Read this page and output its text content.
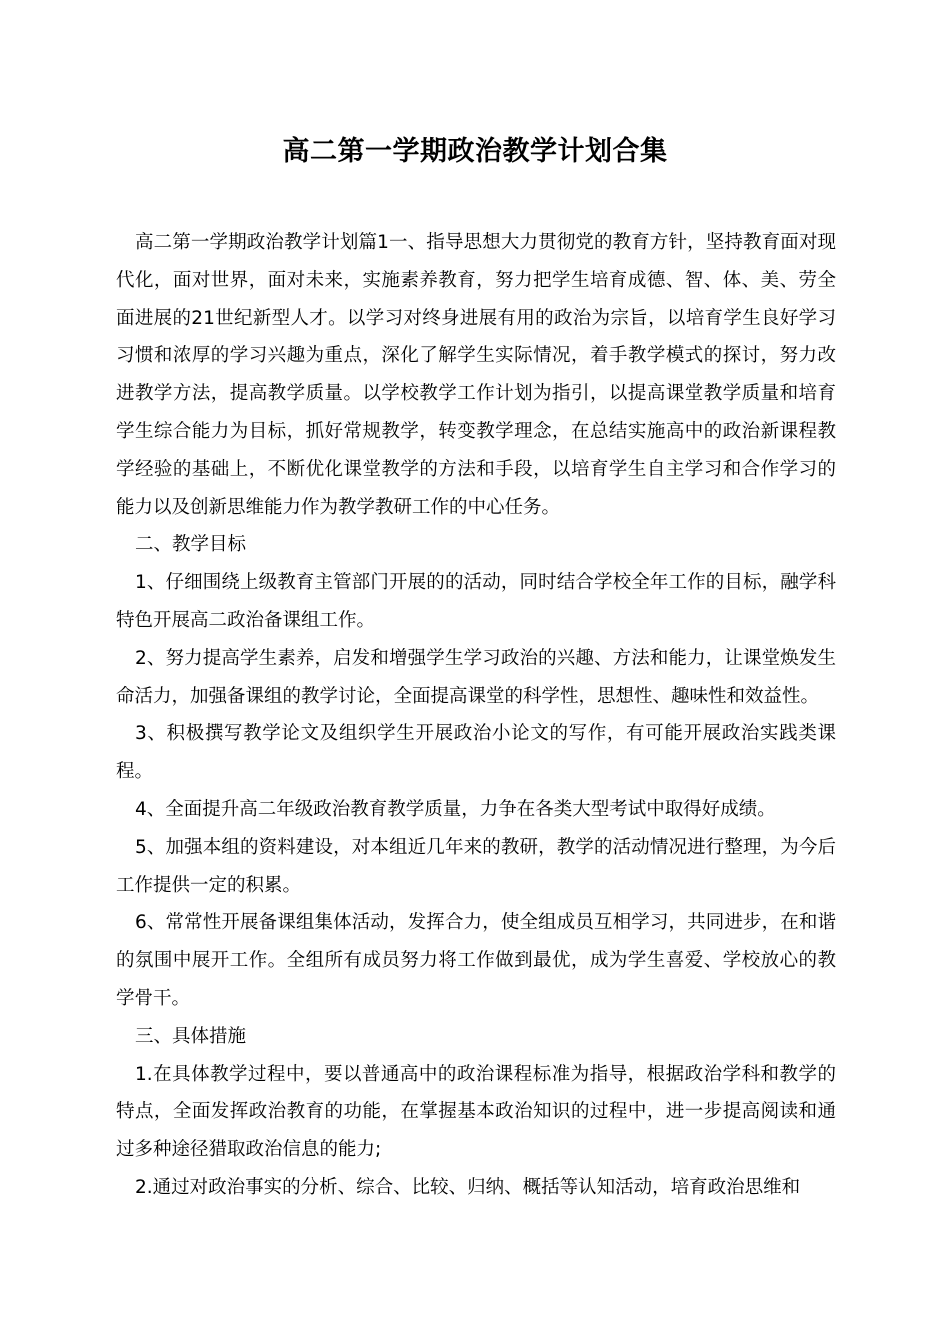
高二第一学期政治教学计划合集

高二第一学期政治教学计划篇1一、指导思想大力贯彻党的教育方针，坚持教育面对现代化，面对世界，面对未来，实施素养教育，努力把学生培育成德、智、体、美、劳全面进展的21世纪新型人才。以学习对终身进展有用的政治为宗旨，以培育学生良好学习习惯和浓厚的学习兴趣为重点，深化了解学生实际情况，着手教学模式的探讨，努力改进教学方法，提高教学质量。以学校教学工作计划为指引，以提高课堂教学质量和培育学生综合能力为目标，抓好常规教学，转变教学理念，在总结实施高中的政治新课程教学经验的基础上，不断优化课堂教学的方法和手段，以培育学生自主学习和合作学习的能力以及创新思维能力作为教学教研工作的中心任务。

二、教学目标

1、仔细围绕上级教育主管部门开展的的活动，同时结合学校全年工作的目标，融学科特色开展高二政治备课组工作。

2、努力提高学生素养，启发和增强学生学习政治的兴趣、方法和能力，让课堂焕发生命活力，加强备课组的教学讨论，全面提高课堂的科学性，思想性、趣味性和效益性。

3、积极撰写教学论文及组织学生开展政治小论文的写作，有可能开展政治实践类课程。

4、全面提升高二年级政治教育教学质量，力争在各类大型考试中取得好成绩。

5、加强本组的资料建设，对本组近几年来的教研，教学的活动情况进行整理，为今后工作提供一定的积累。

6、常常性开展备课组集体活动，发挥合力，使全组成员互相学习，共同进步，在和谐的氛围中展开工作。全组所有成员努力将工作做到最优，成为学生喜爱、学校放心的教学骨干。

三、具体措施

1.在具体教学过程中，要以普通高中的政治课程标准为指导，根据政治学科和教学的特点，全面发挥政治教育的功能，在掌握基本政治知识的过程中，进一步提高阅读和通过多种途径猎取政治信息的能力;

2.通过对政治事实的分析、综合、比较、归纳、概括等认知活动，培育政治思维和
